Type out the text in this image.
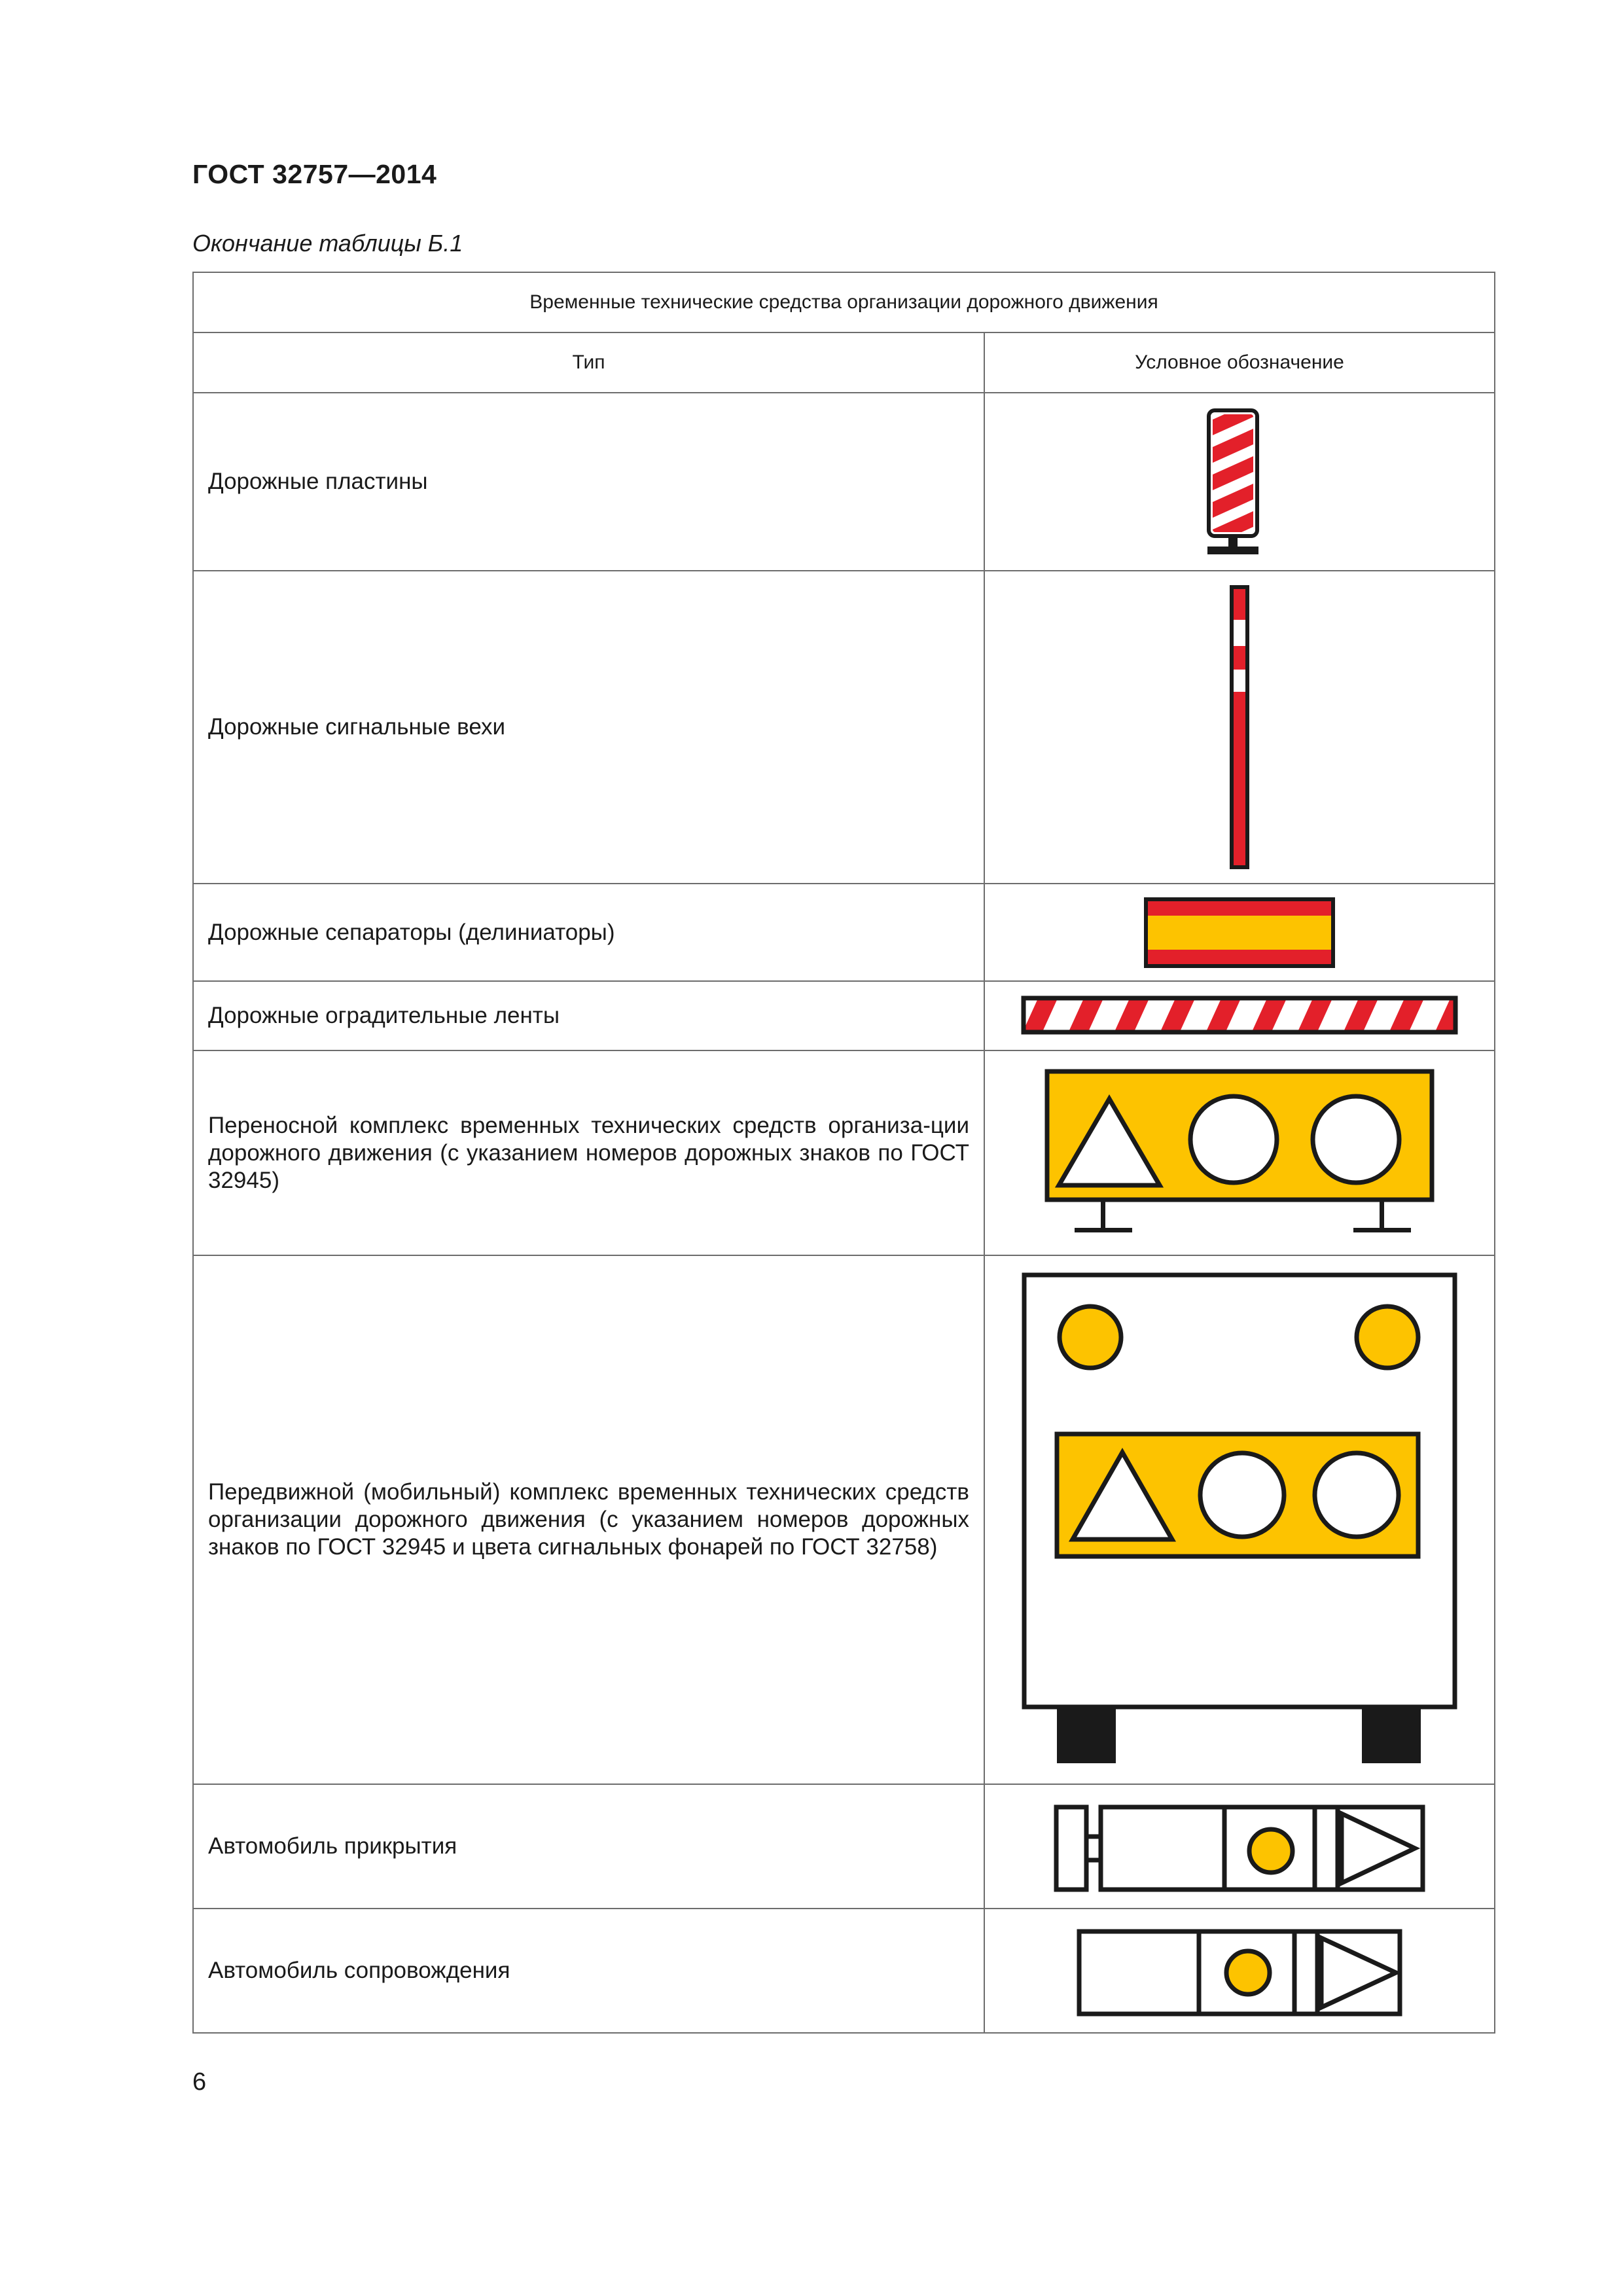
ГОСТ 32757—2014
Окончание таблицы Б.1
Временные технические средства организации дорожного движения	
Тип	Условное обозначение
Дорожные пластины	

Дорожные сигнальные вехи	

Дорожные сепараторы (делиниаторы)	

Дорожные оградительные ленты	

Переносной комплекс временных технических средств организа-ции дорожного движения (с указанием номеров дорожных знаков по ГОСТ 32945)	

Передвижной (мобильный) комплекс временных технических средств организации дорожного движения (с указанием номеров дорожных знаков по ГОСТ 32945 и цвета сигнальных фонарей по ГОСТ 32758)	

Автомобиль прикрытия	

Автомобиль сопровождения	
6
